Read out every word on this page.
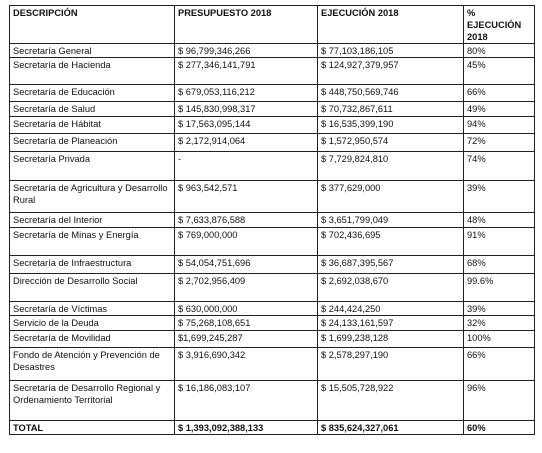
DESCRIPCIÓN	PRESUPUESTO 2018	EJECUCIÓN 2018	% EJECUCIÓN 2018
Secretaría General	$ 96,799,346,266	$ 77,103,186,105	80%
Secretaría de Hacienda	$ 277,346,141,791	$ 124,927,379,957	45%
Secretaría de Educación	$ 679,053,116,212	$ 448,750,569,746	66%
Secretaría de Salud	$ 145,830,998,317	$ 70,732,867,611	49%
Secretaría de Hábitat	$ 17,563,095,144	$ 16,535,399,190	94%
Secretaría de Planeación	$ 2,172,914,064	$ 1,572,950,574	72%
Secretaría Privada	-	$ 7,729,824,810	74%
Secretaría de Agricultura y Desarrollo Rural	$ 963,542,571	$ 377,629,000	39%
Secretaría del Interior	$ 7,633,876,588	$ 3,651,799,049	48%
Secretaría de Minas y Energía	$ 769,000,000	$ 702,436,695	91%
Secretaría de Infraestructura	$ 54,054,751,696	$ 36,687,395,567	68%
Dirección de Desarrollo Social	$ 2,702,956,409	$ 2,692,038,670	99.6%
Secretaría de Víctimas	$ 630,000,000	$ 244,424,250	39%
Servicio de la Deuda	$ 75,268,108,651	$ 24,133,161,597	32%
Secretaría de Movilidad	$1,699,245,287	$ 1,699,238,128	100%
Fondo de Atención y Prevención de Desastres	$ 3,916,690,342	$ 2,578,297,190	66%
Secretaría de Desarrollo Regional y Ordenamiento Territorial	$ 16,186,083,107	$ 15,505,728,922	96%
TOTAL	$ 1,393,092,388,133	$ 835,624,327,061	60%
